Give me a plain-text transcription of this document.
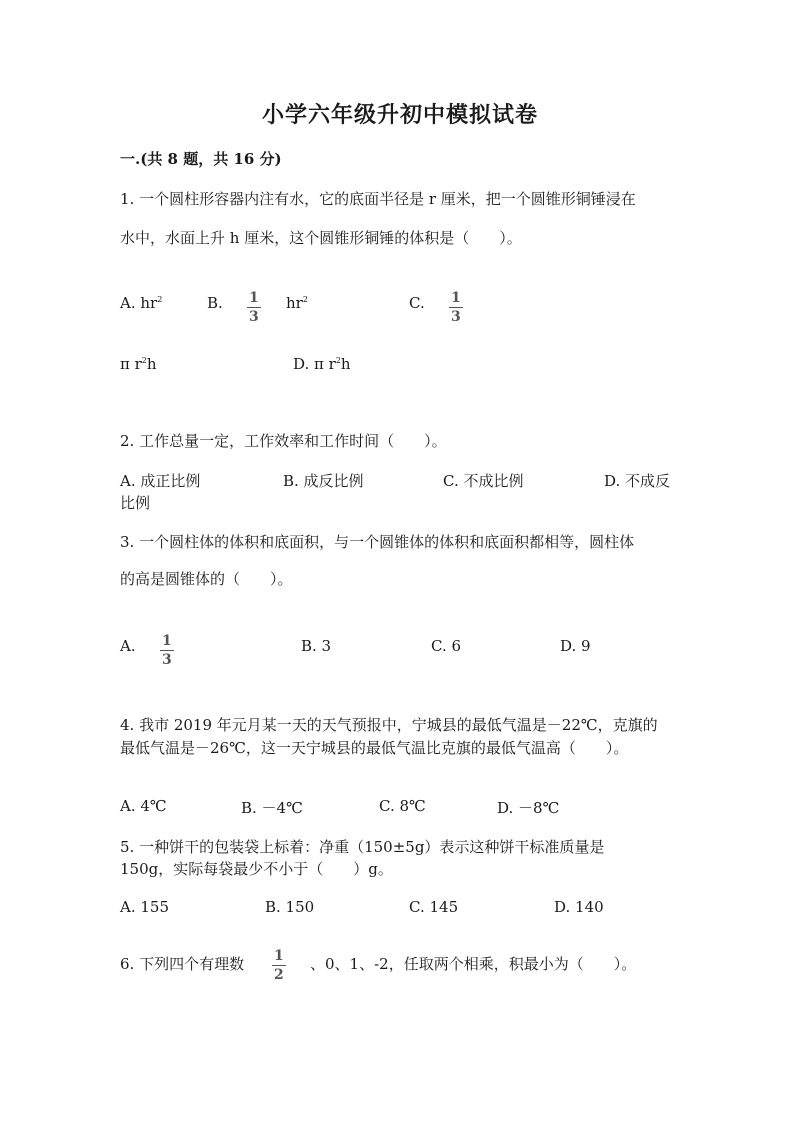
小学六年级升初中模拟试卷
一.(共 8 题，共 16 分)
1. 一个圆柱形容器内注有水，它的底面半径是 r 厘米，把一个圆锥形铜锤浸在
水中，水面上升 h 厘米，这个圆锥形铜锤的体积是（　　）。
A. $hr^2$	B. $\frac{1}{3} hr^2$	C. $\frac{1}{3}$
π $r^2h$	D. π $r^2h$
2. 工作总量一定，工作效率和工作时间（　　）。
A. 成正比例	B. 成反比例	C. 不成比例	D. 不成反
比例
3. 一个圆柱体的体积和底面积，与一个圆锥体的体积和底面积都相等，圆柱体
的高是圆锥体的（　　）。
A. $\frac{1}{3}$	B. 3	C. 6	D. 9
4. 我市 2019 年元月某一天的天气预报中，宁城县的最低气温是－22℃，克旗的
最低气温是－26℃，这一天宁城县的最低气温比克旗的最低气温高（　　）。
A. 4℃	B. －4℃	C. 8℃	D. －8℃
5. 一种饼干的包装袋上标着：净重（150±5g）表示这种饼干标准质量是
150g，实际每袋最少不小于（　　）g。
A. 155	B. 150	C. 145	D. 140
6. 下列四个有理数 $\frac{1}{2}$ 、0、1、-2，任取两个相乘，积最小为（　　）。
